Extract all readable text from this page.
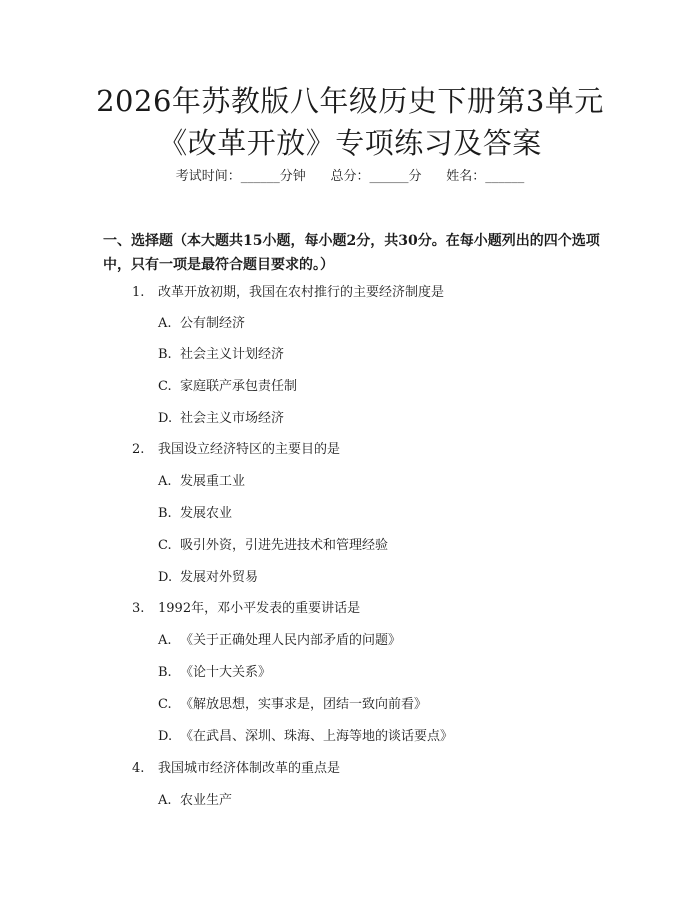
2026年苏教版八年级历史下册第3单元《改革开放》专项练习及答案
考试时间：______分钟      总分：______分      姓名：______
一、选择题（本大题共15小题，每小题2分，共30分。在每小题列出的四个选项中，只有一项是最符合题目要求的。）
1. 改革开放初期，我国在农村推行的主要经济制度是
A. 公有制经济
B. 社会主义计划经济
C. 家庭联产承包责任制
D. 社会主义市场经济
2. 我国设立经济特区的主要目的是
A. 发展重工业
B. 发展农业
C. 吸引外资，引进先进技术和管理经验
D. 发展对外贸易
3. 1992年，邓小平发表的重要讲话是
A. 《关于正确处理人民内部矛盾的问题》
B. 《论十大关系》
C. 《解放思想，实事求是，团结一致向前看》
D. 《在武昌、深圳、珠海、上海等地的谈话要点》
4. 我国城市经济体制改革的重点是
A. 农业生产
